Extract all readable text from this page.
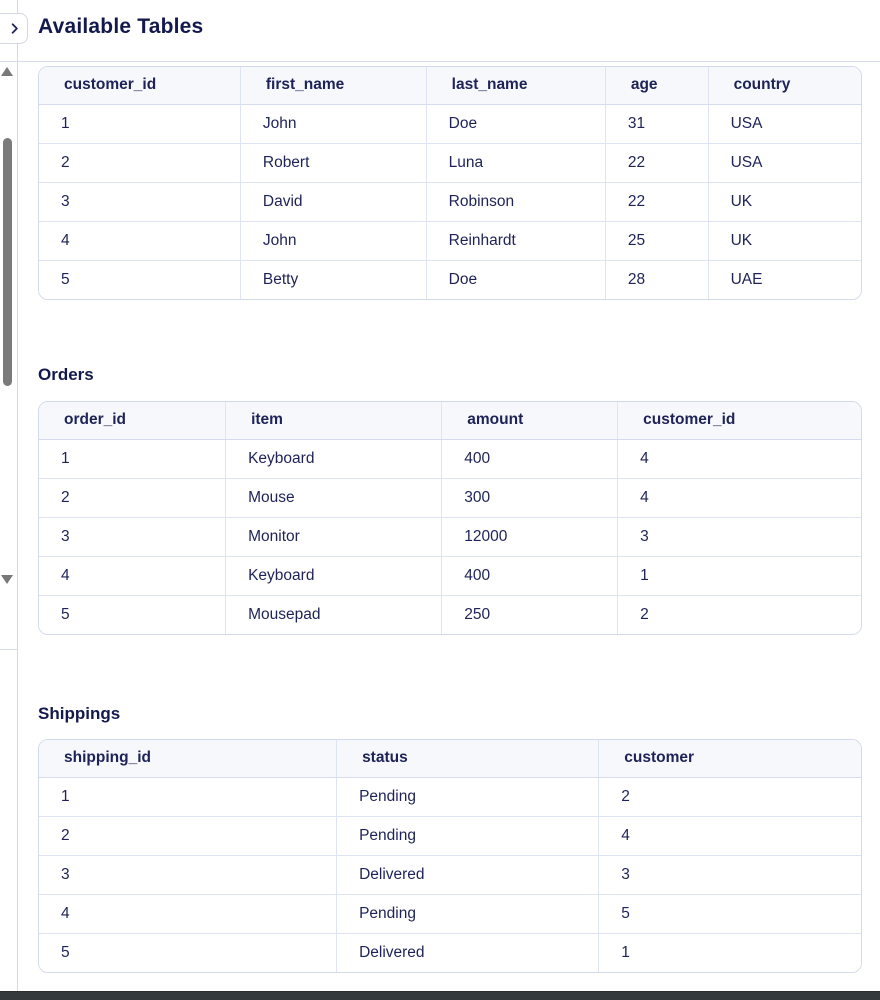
Available Tables
customer_id	first_name	last_name	age	country
1	John	Doe	31	USA
2	Robert	Luna	22	USA
3	David	Robinson	22	UK
4	John	Reinhardt	25	UK
5	Betty	Doe	28	UAE
Orders
order_id	item	amount	customer_id
1	Keyboard	400	4
2	Mouse	300	4
3	Monitor	12000	3
4	Keyboard	400	1
5	Mousepad	250	2
Shippings
shipping_id	status	customer
1	Pending	2
2	Pending	4
3	Delivered	3
4	Pending	5
5	Delivered	1
